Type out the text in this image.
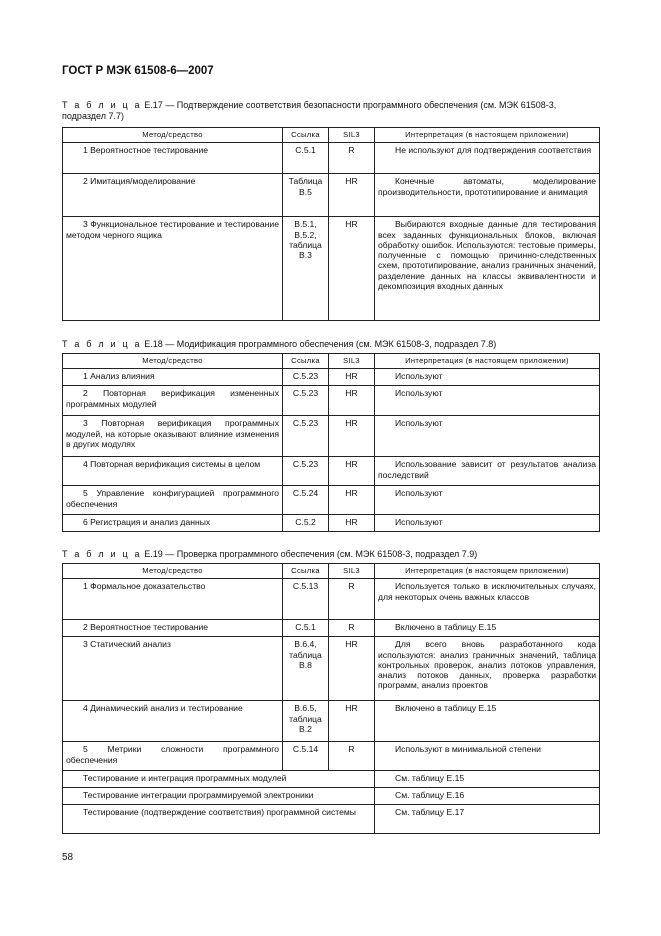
ГОСТ Р МЭК 61508-6—2007
Т а б л и ц а E.17 — Подтверждение соответствия безопасности программного обеспечения (см. МЭК 61508-3, подраздел 7.7)
Метод/средство	Ссылка	SIL3	Интерпретация (в настоящем приложении)
1 Вероятностное тестирование	C.5.1	R	Не используют для подтверждения соответствия
2 Имитация/моделирование	Таблица B.5	HR	Конечные автоматы, моделирование производительности, прототипирование и анимация
3 Функциональное тестирование и тестирование методом черного ящика	B.5.1, B.5.2, таблица B.3	HR	Выбираются входные данные для тестирования всех заданных функциональных блоков, включая обработку ошибок. Используются: тестовые примеры, полученные с помощью причинно-следственных схем, прототипирование, анализ граничных значений, разделение данных на классы эквивалентности и декомпозиция входных данных
Т а б л и ц а E.18 — Модификация программного обеспечения (см. МЭК 61508-3, подраздел 7.8)
Метод/средство	Ссылка	SIL3	Интерпретация (в настоящем приложении)
1 Анализ влияния	C.5.23	HR	Используют
2 Повторная верификация измененных программных модулей	C.5.23	HR	Используют
3 Повторная верификация программных модулей, на которые оказывают влияние изменения в других модулях	C.5.23	HR	Используют
4 Повторная верификация системы в целом	C.5.23	HR	Использование зависит от результатов анализа последствий
5 Управление конфигурацией программного обеспечения	C.5.24	HR	Используют
6 Регистрация и анализ данных	C.5.2	HR	Используют
Т а б л и ц а E.19 — Проверка программного обеспечения (см. МЭК 61508-3, подраздел 7.9)
Метод/средство	Ссылка	SIL3	Интерпретация (в настоящем приложении)
1 Формальное доказательство	C.5.13	R	Используется только в исключительных случаях, для некоторых очень важных классов
2 Вероятностное тестирование	C.5.1	R	Включено в таблицу E.15
3 Статический анализ	B.6.4, таблица B.8	HR	Для всего вновь разработанного кода используются: анализ граничных значений, таблица контрольных проверок, анализ потоков управления, анализ потоков данных, проверка разработки программ, анализ проектов
4 Динамический анализ и тестирование	B.6.5, таблица B.2	HR	Включено в таблицу E.15
5 Метрики сложности программного обеспечения	C.5.14	R	Используют в минимальной степени
Тестирование и интеграция программных модулей			См. таблицу E.15
Тестирование интеграции программируемой электроники			См. таблицу E.16
Тестирование (подтверждение соответствия) программной системы			См. таблицу E.17
58
